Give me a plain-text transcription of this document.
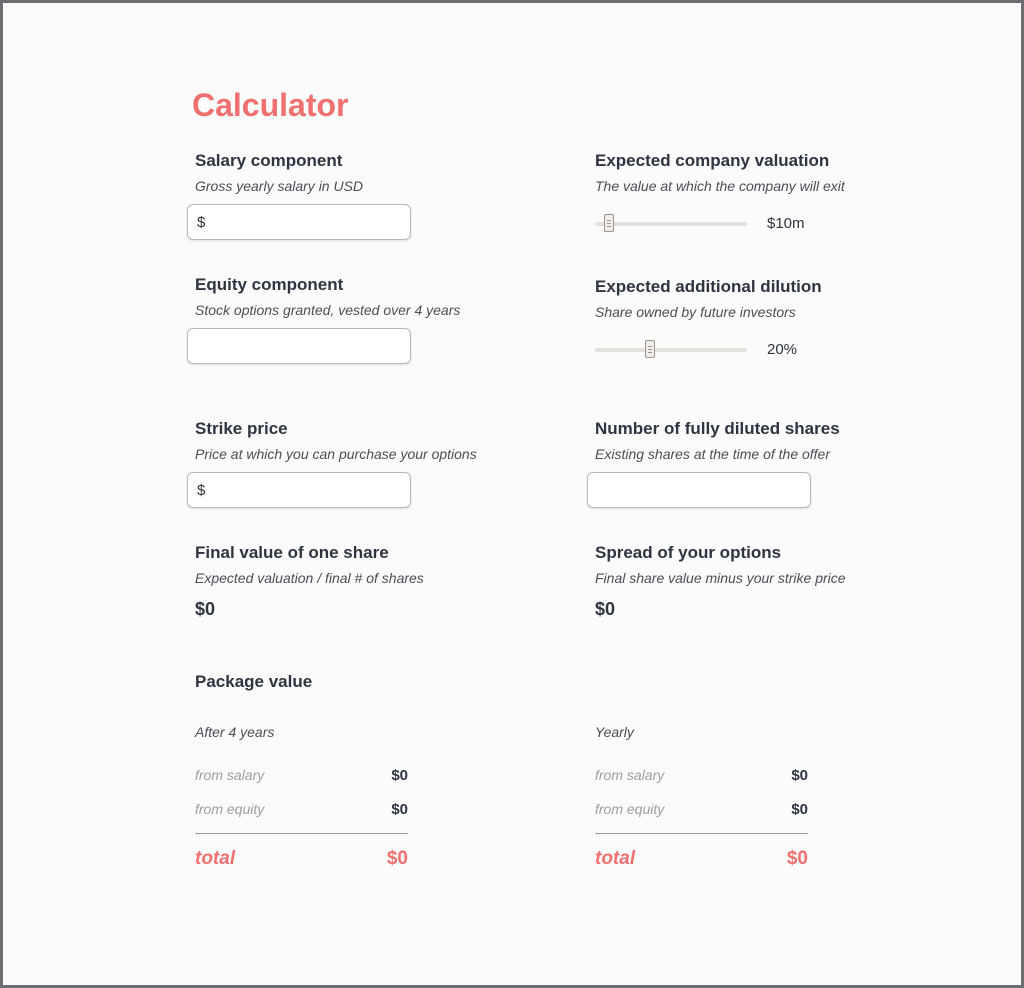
Calculator
Salary component
Gross yearly salary in USD
$
Equity component
Stock options granted, vested over 4 years
Strike price
Price at which you can purchase your options
$
Expected company valuation
The value at which the company will exit
$10m
Expected additional dilution
Share owned by future investors
20%
Number of fully diluted shares
Existing shares at the time of the offer
Final value of one share
Expected valuation / final # of shares
$0
Spread of your options
Final share value minus your strike price
$0
Package value
After 4 years
from salary	$0
from equity	$0
total	$0
Yearly
from salary	$0
from equity	$0
total	$0
